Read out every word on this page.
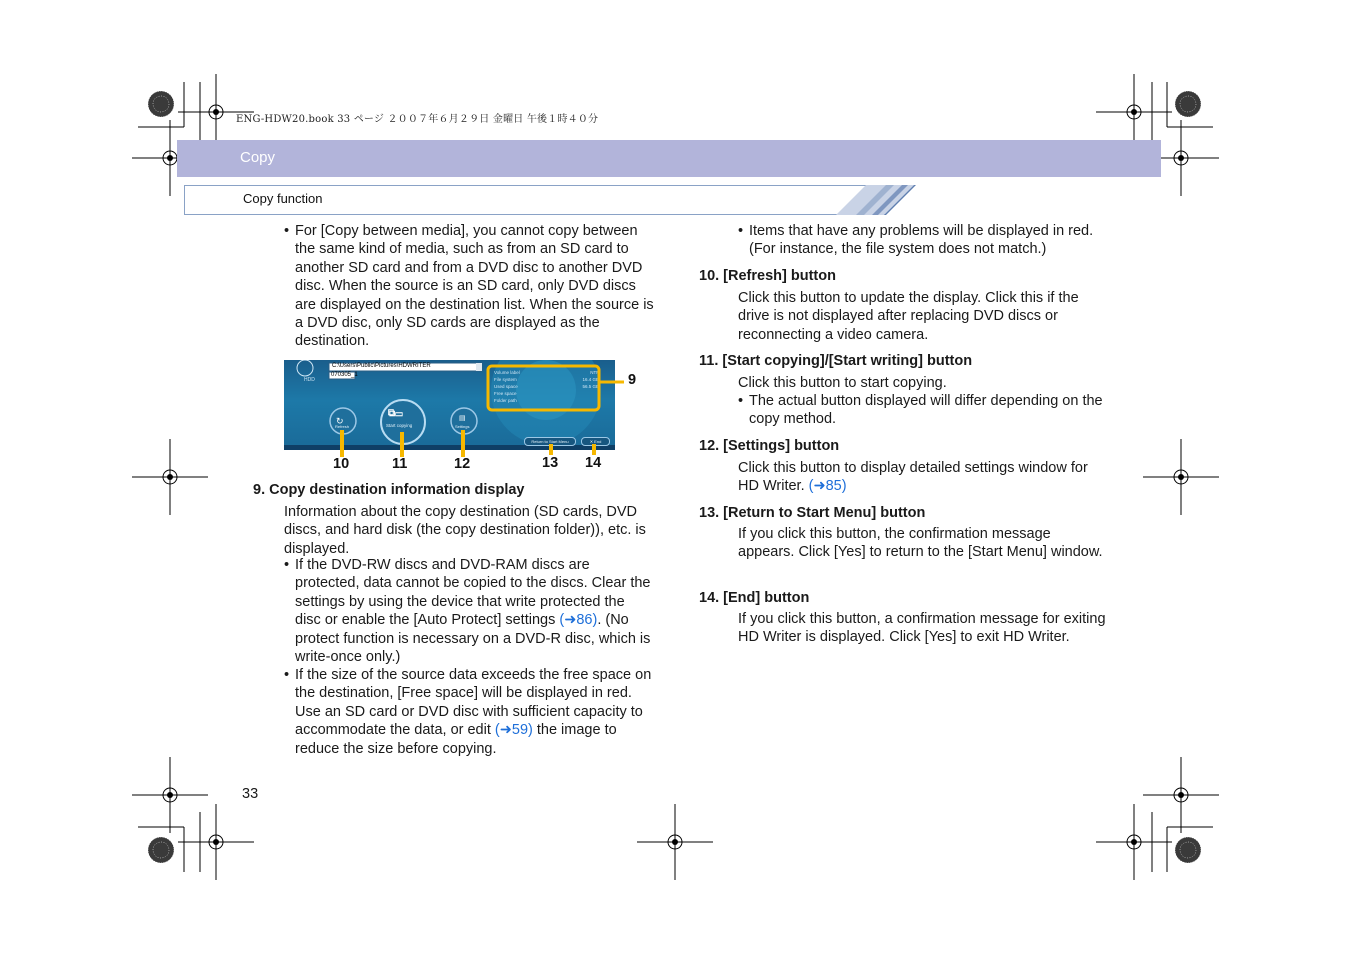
ENG-HDW20.book 33 ページ ２００７年６月２９日 金曜日 午後１時４０分
Copy
Copy function
• For [Copy between media], you cannot copy between the same kind of media, such as from an SD card to another SD card and from a DVD disc to another DVD disc. When the source is an SD card, only DVD discs are displayed on the destination list. When the source is a DVD disc, only SD cards are displayed as the destination.
C:\Users\Public\Pictures\HDWRITER
070305_1
HDD
Volume label
File system
Used space
Free space
Folder path
NTF
16.4 GB
56.5 GB
↻
Refresh
⧉▭
Start copying
▤
Settings
Return to Start Menu	✕ End
9
10	11	12	13 14
9. Copy destination information display
Information about the copy destination (SD cards, DVD discs, and hard disk (the copy destination folder)), etc. is displayed.
• If the DVD-RW discs and DVD-RAM discs are protected, data cannot be copied to the discs. Clear the settings by using the device that write protected the disc or enable the [Auto Protect] settings (➜86). (No protect function is necessary on a DVD-R disc, which is write-once only.)
• If the size of the source data exceeds the free space on the destination, [Free space] will be displayed in red. Use an SD card or DVD disc with sufficient capacity to accommodate the data, or edit (➜59) the image to reduce the size before copying.
• Items that have any problems will be displayed in red. (For instance, the file system does not match.)
10. [Refresh] button
Click this button to update the display. Click this if the drive is not displayed after replacing DVD discs or reconnecting a video camera.
11. [Start copying]/[Start writing] button
Click this button to start copying.
• The actual button displayed will differ depending on the copy method.
12. [Settings] button
Click this button to display detailed settings window for HD Writer. (➜85)
13. [Return to Start Menu] button
If you click this button, the confirmation message appears. Click [Yes] to return to the [Start Menu] window.
14. [End] button
If you click this button, a confirmation message for exiting HD Writer is displayed. Click [Yes] to exit HD Writer.
33
